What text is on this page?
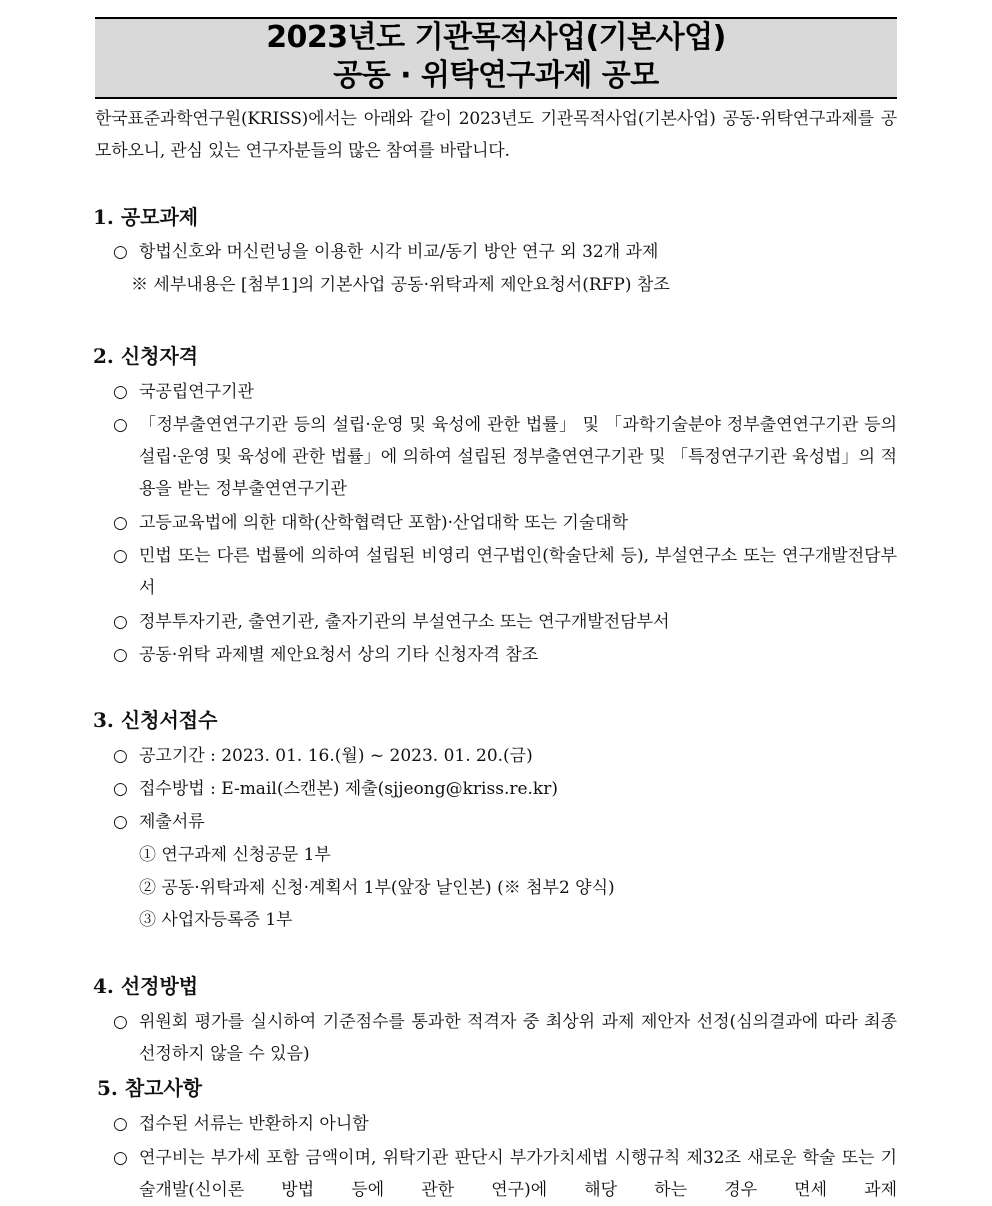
2023년도 기관목적사업(기본사업)
공동 · 위탁연구과제 공모
한국표준과학연구원(KRISS)에서는 아래와 같이 2023년도 기관목적사업(기본사업) 공동·위탁연구과제를 공모하오니, 관심 있는 연구자분들의 많은 참여를 바랍니다.
1. 공모과제
○ 항법신호와 머신런닝을 이용한 시각 비교/동기 방안 연구 외 32개 과제
※ 세부내용은 [첨부1]의 기본사업 공동·위탁과제 제안요청서(RFP) 참조
2. 신청자격
○ 국공립연구기관
○ 「정부출연연구기관 등의 설립·운영 및 육성에 관한 법률」 및 「과학기술분야 정부출연연구기관 등의 설립·운영 및 육성에 관한 법률」에 의하여 설립된 정부출연연구기관 및 「특정연구기관 육성법」의 적용을 받는 정부출연연구기관
○ 고등교육법에 의한 대학(산학협력단 포함)·산업대학 또는 기술대학
○ 민법 또는 다른 법률에 의하여 설립된 비영리 연구법인(학술단체 등), 부설연구소 또는 연구개발전담부서
○ 정부투자기관, 출연기관, 출자기관의 부설연구소 또는 연구개발전담부서
○ 공동·위탁 과제별 제안요청서 상의 기타 신청자격 참조
3. 신청서접수
○ 공고기간 : 2023. 01. 16.(월) ~ 2023. 01. 20.(금)
○ 접수방법 : E-mail(스캔본) 제출(sjjeong@kriss.re.kr)
○ 제출서류
① 연구과제 신청공문 1부
② 공동·위탁과제 신청·계획서 1부(앞장 날인본) (※ 첨부2 양식)
③ 사업자등록증 1부
4. 선정방법
○ 위원회 평가를 실시하여 기준점수를 통과한 적격자 중 최상위 과제 제안자 선정(심의결과에 따라 최종 선정하지 않을 수 있음)
5. 참고사항
○ 접수된 서류는 반환하지 아니함
○ 연구비는 부가세 포함 금액이며, 위탁기관 판단시 부가가치세법 시행규칙 제32조 새로운 학술 또는 기술개발(신이론 방법 등에 관한 연구)에 해당 하는 경우 면세 과제
